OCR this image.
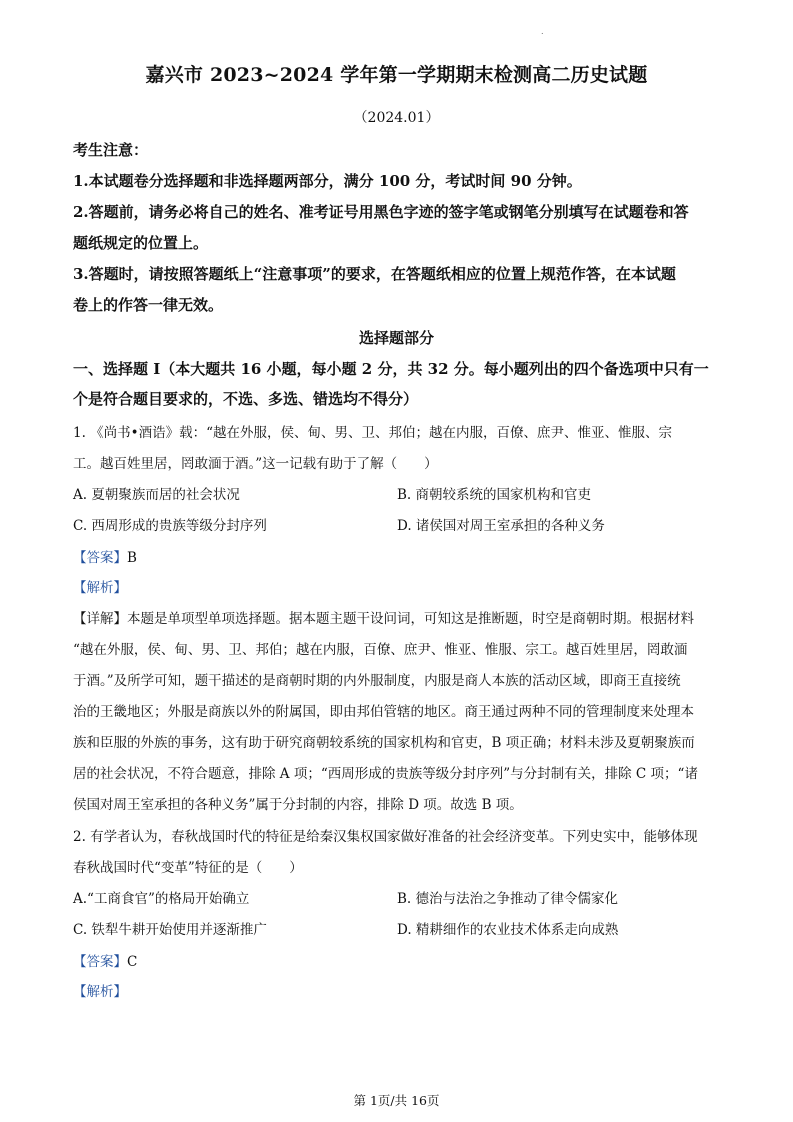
.
嘉兴市 2023~2024 学年第一学期期末检测高二历史试题
（2024.01）
考生注意：
1.本试题卷分选择题和非选择题两部分，满分 100 分，考试时间 90 分钟。
2.答题前，请务必将自己的姓名、准考证号用黑色字迹的签字笔或钢笔分别填写在试题卷和答
题纸规定的位置上。
3.答题时，请按照答题纸上“注意事项”的要求，在答题纸相应的位置上规范作答，在本试题
卷上的作答一律无效。
选择题部分
一、选择题 I（本大题共 16 小题，每小题 2 分，共 32 分。每小题列出的四个备选项中只有一
个是符合题目要求的，不选、多选、错选均不得分）
1. 《尚书•酒诰》载：“越在外服，侯、甸、男、卫、邦伯；越在内服，百僚、庶尹、惟亚、惟服、宗
工。越百姓里居，罔敢湎于酒。”这一记载有助于了解（　　）
A. 夏朝聚族而居的社会状况	B. 商朝较系统的国家机构和官吏
C. 西周形成的贵族等级分封序列	D. 诸侯国对周王室承担的各种义务
【答案】B
【解析】
【详解】本题是单项型单项选择题。据本题主题干设问词，可知这是推断题，时空是商朝时期。根据材料
“越在外服，侯、甸、男、卫、邦伯；越在内服，百僚、庶尹、惟亚、惟服、宗工。越百姓里居，罔敢湎
于酒。”及所学可知，题干描述的是商朝时期的内外服制度，内服是商人本族的活动区域，即商王直接统
治的王畿地区；外服是商族以外的附属国，即由邦伯管辖的地区。商王通过两种不同的管理制度来处理本
族和臣服的外族的事务，这有助于研究商朝较系统的国家机构和官吏，B 项正确；材料未涉及夏朝聚族而
居的社会状况，不符合题意，排除 A 项；“西周形成的贵族等级分封序列”与分封制有关，排除 C 项；“诸
侯国对周王室承担的各种义务”属于分封制的内容，排除 D 项。故选 B 项。
2. 有学者认为，春秋战国时代的特征是给秦汉集权国家做好准备的社会经济变革。下列史实中，能够体现
春秋战国时代“变革”特征的是（　　）
A.“工商食官”的格局开始确立	B. 德治与法治之争推动了律令儒家化
C. 铁犁牛耕开始使用并逐渐推广	D. 精耕细作的农业技术体系走向成熟
【答案】C
【解析】
第 1页/共 16页
